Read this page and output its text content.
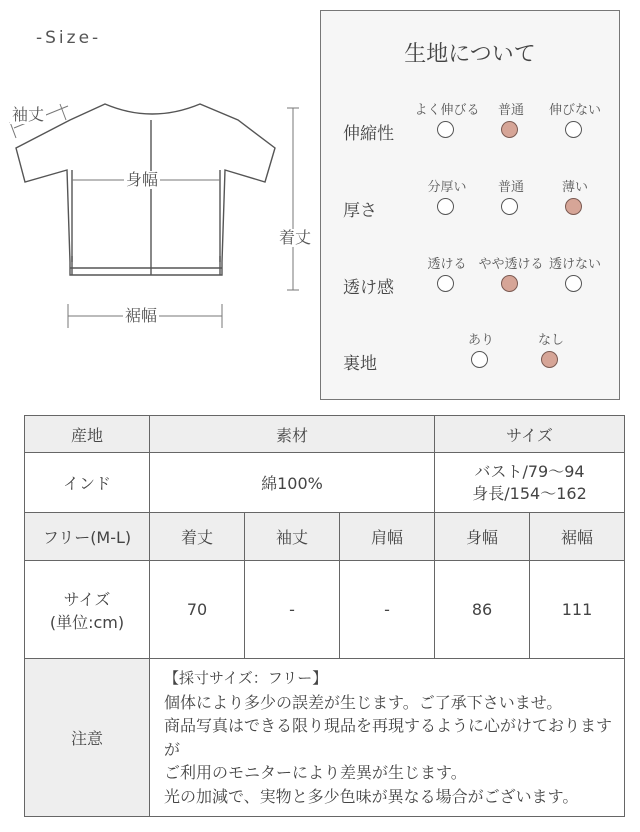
-Size-
袖丈
身幅
着丈
裾幅
生地について
伸縮性
よく伸びる	普通	伸びない
厚さ
分厚い	普通	薄い
透け感
透ける やや透ける 透けない
裏地
あり	なし
産地	素材			サイズ	
インド	綿100%			バスト/79〜94
身長/154〜162	

フリー(M-L)	着丈	袖丈	肩幅	身幅	裾幅

サイズ
(単位:cm)	70	-	-	86	111
注意	【採寸サイズ：フリー】
個体により多少の誤差が生じます。ご了承下さいませ。
商品写真はできる限り現品を再現するように心がけておりますが
ご利用のモニターにより差異が生じます。
光の加減で、実物と多少色味が異なる場合がございます。				
